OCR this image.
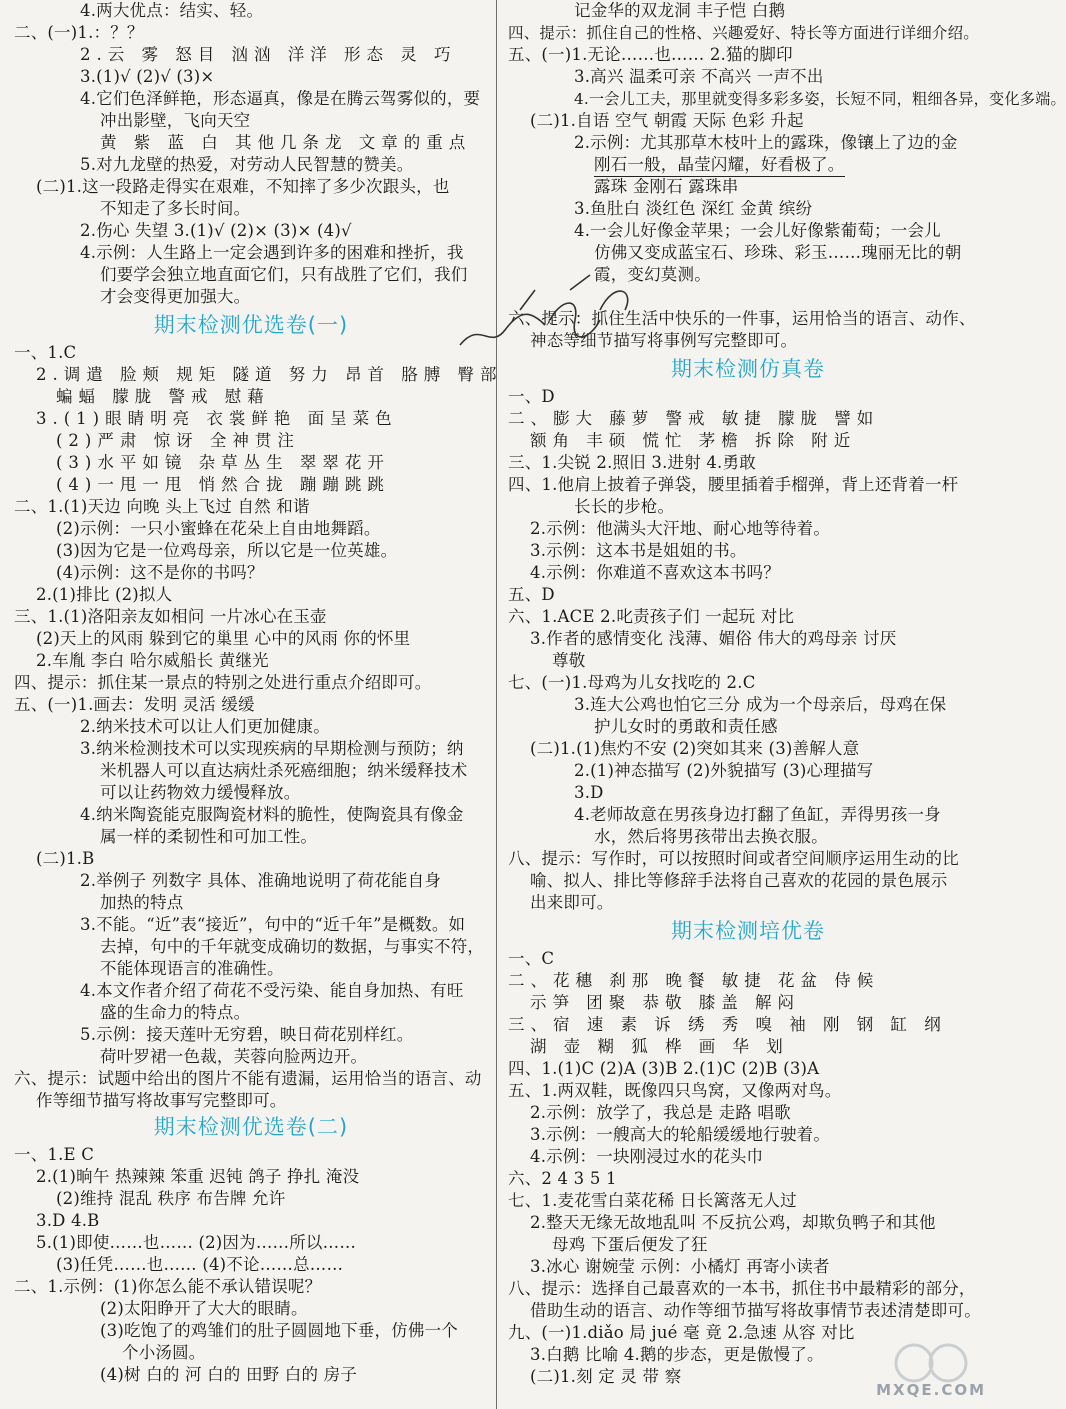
4.两大优点：结实、轻。
二、(一)1.：？？
2.云 雾 怒目 汹汹 洋洋 形态 灵 巧
3.(1)√ (2)√ (3)×
4.它们色泽鲜艳，形态逼真，像是在腾云驾雾似的，要
冲出影壁，飞向天空
黄 紫 蓝 白 其他几条龙 文章的重点
5.对九龙壁的热爱，对劳动人民智慧的赞美。
(二)1.这一段路走得实在艰难，不知摔了多少次跟头，也
不知走了多长时间。
2.伤心 失望 3.(1)√ (2)× (3)× (4)√
4.示例：人生路上一定会遇到许多的困难和挫折，我
们要学会独立地直面它们，只有战胜了它们，我们
才会变得更加强大。
期末检测优选卷(一)
一、1.C
2.调遣 脸颊 规矩 隧道 努力 昂首 胳膊 臀部
蝙蝠 朦胧 警戒 慰藉
3.(1)眼睛明亮 衣裳鲜艳 面呈菜色
(2)严肃 惊讶 全神贯注
(3)水平如镜 杂草丛生 翠翠花开
(4)一甩一甩 悄然合拢 蹦蹦跳跳
二、1.(1)天边 向晚 头上飞过 自然 和谐
(2)示例：一只小蜜蜂在花朵上自由地舞蹈。
(3)因为它是一位鸡母亲，所以它是一位英雄。
(4)示例：这不是你的书吗？
2.(1)排比 (2)拟人
三、1.(1)洛阳亲友如相问 一片冰心在玉壶
(2)天上的风雨 躲到它的巢里 心中的风雨 你的怀里
2.车胤 李白 哈尔威船长 黄继光
四、提示：抓住某一景点的特别之处进行重点介绍即可。
五、(一)1.画去：发明 灵活 缓缓
2.纳米技术可以让人们更加健康。
3.纳米检测技术可以实现疾病的早期检测与预防；纳
米机器人可以直达病灶杀死癌细胞；纳米缓释技术
可以让药物效力缓慢释放。
4.纳米陶瓷能克服陶瓷材料的脆性，使陶瓷具有像金
属一样的柔韧性和可加工性。
(二)1.B
2.举例子 列数字 具体、准确地说明了荷花能自身
加热的特点
3.不能。“近”表“接近”，句中的“近千年”是概数。如
去掉，句中的千年就变成确切的数据，与事实不符，
不能体现语言的准确性。
4.本文作者介绍了荷花不受污染、能自身加热、有旺
盛的生命力的特点。
5.示例：接天莲叶无穷碧，映日荷花别样红。
荷叶罗裙一色裁，芙蓉向脸两边开。
六、提示：试题中给出的图片不能有遗漏，运用恰当的语言、动
作等细节描写将故事写完整即可。
期末检测优选卷(二)
一、1.E C
2.(1)晌午 热辣辣 笨重 迟钝 鸽子 挣扎 淹没
(2)维持 混乱 秩序 布告牌 允许
3.D 4.B
5.(1)即使……也…… (2)因为……所以……
(3)任凭……也…… (4)不论……总……
二、1.示例：(1)你怎么能不承认错误呢？
(2)太阳睁开了大大的眼睛。
(3)吃饱了的鸡雏们的肚子圆圆地下垂，仿佛一个
个小汤圆。
(4)树 白的 河 白的 田野 白的 房子
记金华的双龙洞 丰子恺 白鹅
四、提示：抓住自己的性格、兴趣爱好、特长等方面进行详细介绍。
五、(一)1.无论……也…… 2.猫的脚印
3.高兴 温柔可亲 不高兴 一声不出
4.一会儿工夫，那里就变得多彩多姿，长短不同，粗细各异，变化多端。
(二)1.自语 空气 朝霞 天际 色彩 升起
2.示例：尤其那草木枝叶上的露珠，像镶上了边的金
刚石一般，晶莹闪耀，好看极了。
露珠 金刚石 露珠串
3.鱼肚白 淡红色 深红 金黄 缤纷
4.一会儿好像金苹果；一会儿好像紫葡萄；一会儿
仿佛又变成蓝宝石、珍珠、彩玉……瑰丽无比的朝
霞，变幻莫测。
六、提示：抓住生活中快乐的一件事，运用恰当的语言、动作、
神态等细节描写将事例写完整即可。
期末检测仿真卷
一、D
二、膨大 藤萝 警戒 敏捷 朦胧 譬如
额角 丰硕 慌忙 茅檐 拆除 附近
三、1.尖锐 2.照旧 3.进射 4.勇敢
四、1.他肩上披着子弹袋，腰里插着手榴弹，背上还背着一杆
长长的步枪。
2.示例：他满头大汗地、耐心地等待着。
3.示例：这本书是姐姐的书。
4.示例：你难道不喜欢这本书吗？
五、D
六、1.ACE 2.叱责孩子们 一起玩 对比
3.作者的感情变化 浅薄、媚俗 伟大的鸡母亲 讨厌
尊敬
七、(一)1.母鸡为儿女找吃的 2.C
3.连大公鸡也怕它三分 成为一个母亲后，母鸡在保
护儿女时的勇敢和责任感
(二)1.(1)焦灼不安 (2)突如其来 (3)善解人意
2.(1)神态描写 (2)外貌描写 (3)心理描写
3.D
4.老师故意在男孩身边打翻了鱼缸，弄得男孩一身
水，然后将男孩带出去换衣服。
八、提示：写作时，可以按照时间或者空间顺序运用生动的比
喻、拟人、排比等修辞手法将自己喜欢的花园的景色展示
出来即可。
期末检测培优卷
一、C
二、花穗 刹那 晚餐 敏捷 花盆 侍候
示笋 团聚 恭敬 膝盖 解闷
三、宿 速 素 诉 绣 秀 嗅 袖 刚 钢 缸 纲
湖 壶 糊 狐 桦 画 华 划
四、1.(1)C (2)A (3)B 2.(1)C (2)B (3)A
五、1.两双鞋，既像四只鸟窝，又像两对鸟。
2.示例：放学了，我总是 走路 唱歌
3.示例：一艘高大的轮船缓缓地行驶着。
4.示例：一块刚浸过水的花头巾
六、2 4 3 5 1
七、1.麦花雪白菜花稀 日长篱落无人过
2.整天无缘无故地乱叫 不反抗公鸡，却欺负鸭子和其他
母鸡 下蛋后便发了狂
3.冰心 谢婉莹 示例：小橘灯 再寄小读者
八、提示：选择自己最喜欢的一本书，抓住书中最精彩的部分，
借助生动的语言、动作等细节描写将故事情节表述清楚即可。
九、(一)1.diǎo 局 jué 毫 竟 2.急速 从容 对比
3.白鹅 比喻 4.鹅的步态，更是傲慢了。
(二)1.刻 定 灵 带 察
MXQE.COM
